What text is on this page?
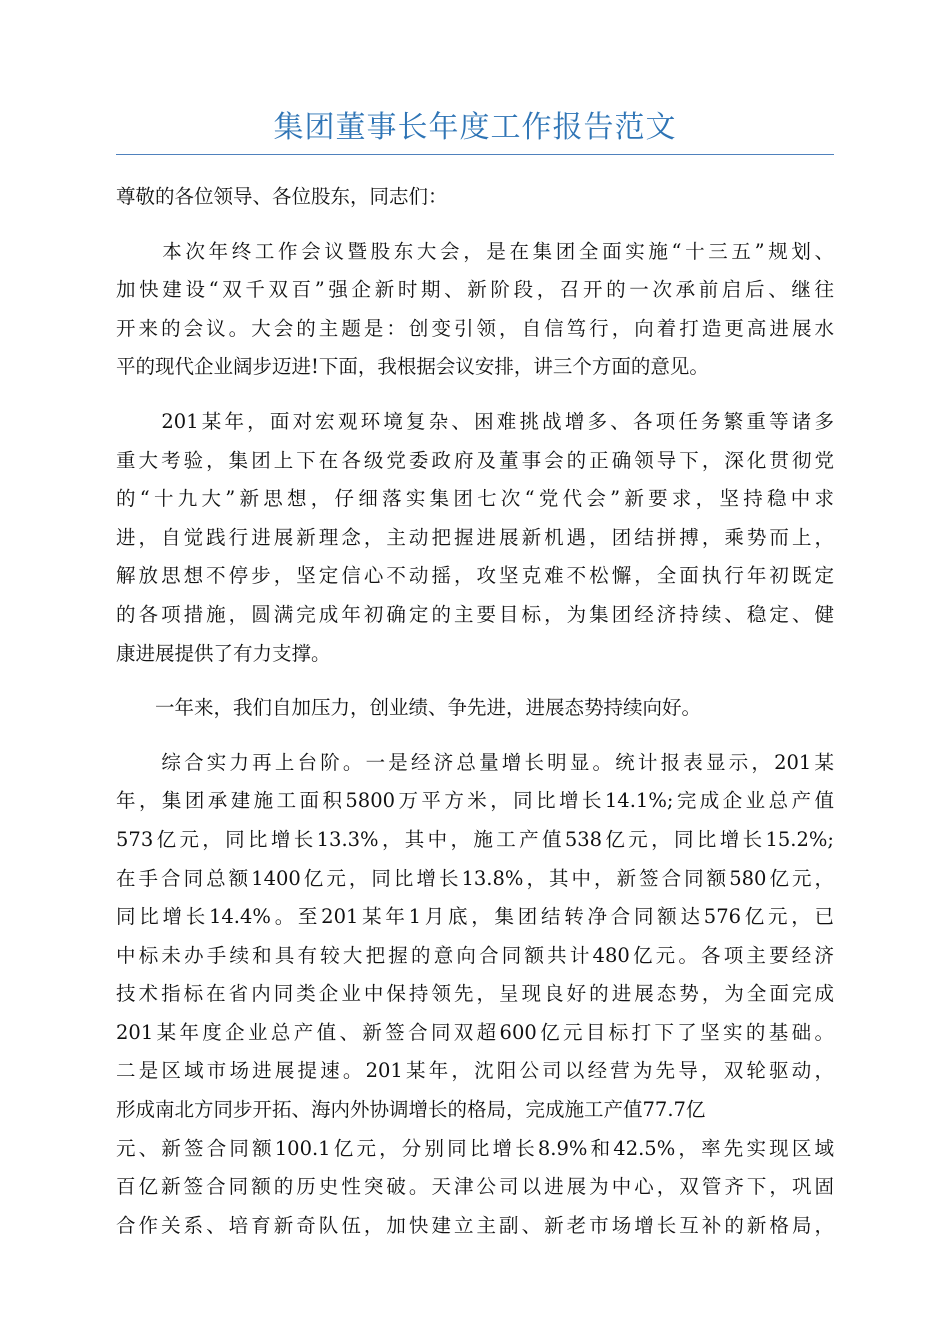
集团董事长年度工作报告范文
尊敬的各位领导、各位股东，同志们：
　　本次年终工作会议暨股东大会，是在集团全面实施“十三五”规划、
加快建设“双千双百”强企新时期、新阶段，召开的一次承前启后、继往
开来的会议。大会的主题是：创变引领，自信笃行，向着打造更高进展水
平的现代企业阔步迈进!下面，我根据会议安排，讲三个方面的意见。
　　201某年，面对宏观环境复杂、困难挑战增多、各项任务繁重等诸多
重大考验，集团上下在各级党委政府及董事会的正确领导下，深化贯彻党
的“十九大”新思想，仔细落实集团七次“党代会”新要求，坚持稳中求
进，自觉践行进展新理念，主动把握进展新机遇，团结拼搏，乘势而上，
解放思想不停步，坚定信心不动摇，攻坚克难不松懈，全面执行年初既定
的各项措施，圆满完成年初确定的主要目标，为集团经济持续、稳定、健
康进展提供了有力支撑。
　　一年来，我们自加压力，创业绩、争先进，进展态势持续向好。
　　综合实力再上台阶。一是经济总量增长明显。统计报表显示，201某
年，集团承建施工面积5800万平方米，同比增长14.1%;完成企业总产值
573亿元，同比增长13.3%，其中，施工产值538亿元，同比增长15.2%;
在手合同总额1400亿元，同比增长13.8%，其中，新签合同额580亿元，
同比增长14.4%。至201某年1月底，集团结转净合同额达576亿元，已
中标未办手续和具有较大把握的意向合同额共计480亿元。各项主要经济
技术指标在省内同类企业中保持领先，呈现良好的进展态势，为全面完成
201某年度企业总产值、新签合同双超600亿元目标打下了坚实的基础。
二是区域市场进展提速。201某年，沈阳公司以经营为先导，双轮驱动，
形成南北方同步开拓、海内外协调增长的格局，完成施工产值77.7亿
元、新签合同额100.1亿元，分别同比增长8.9%和42.5%，率先实现区域
百亿新签合同额的历史性突破。天津公司以进展为中心，双管齐下，巩固
合作关系、培育新奇队伍，加快建立主副、新老市场增长互补的新格局，
